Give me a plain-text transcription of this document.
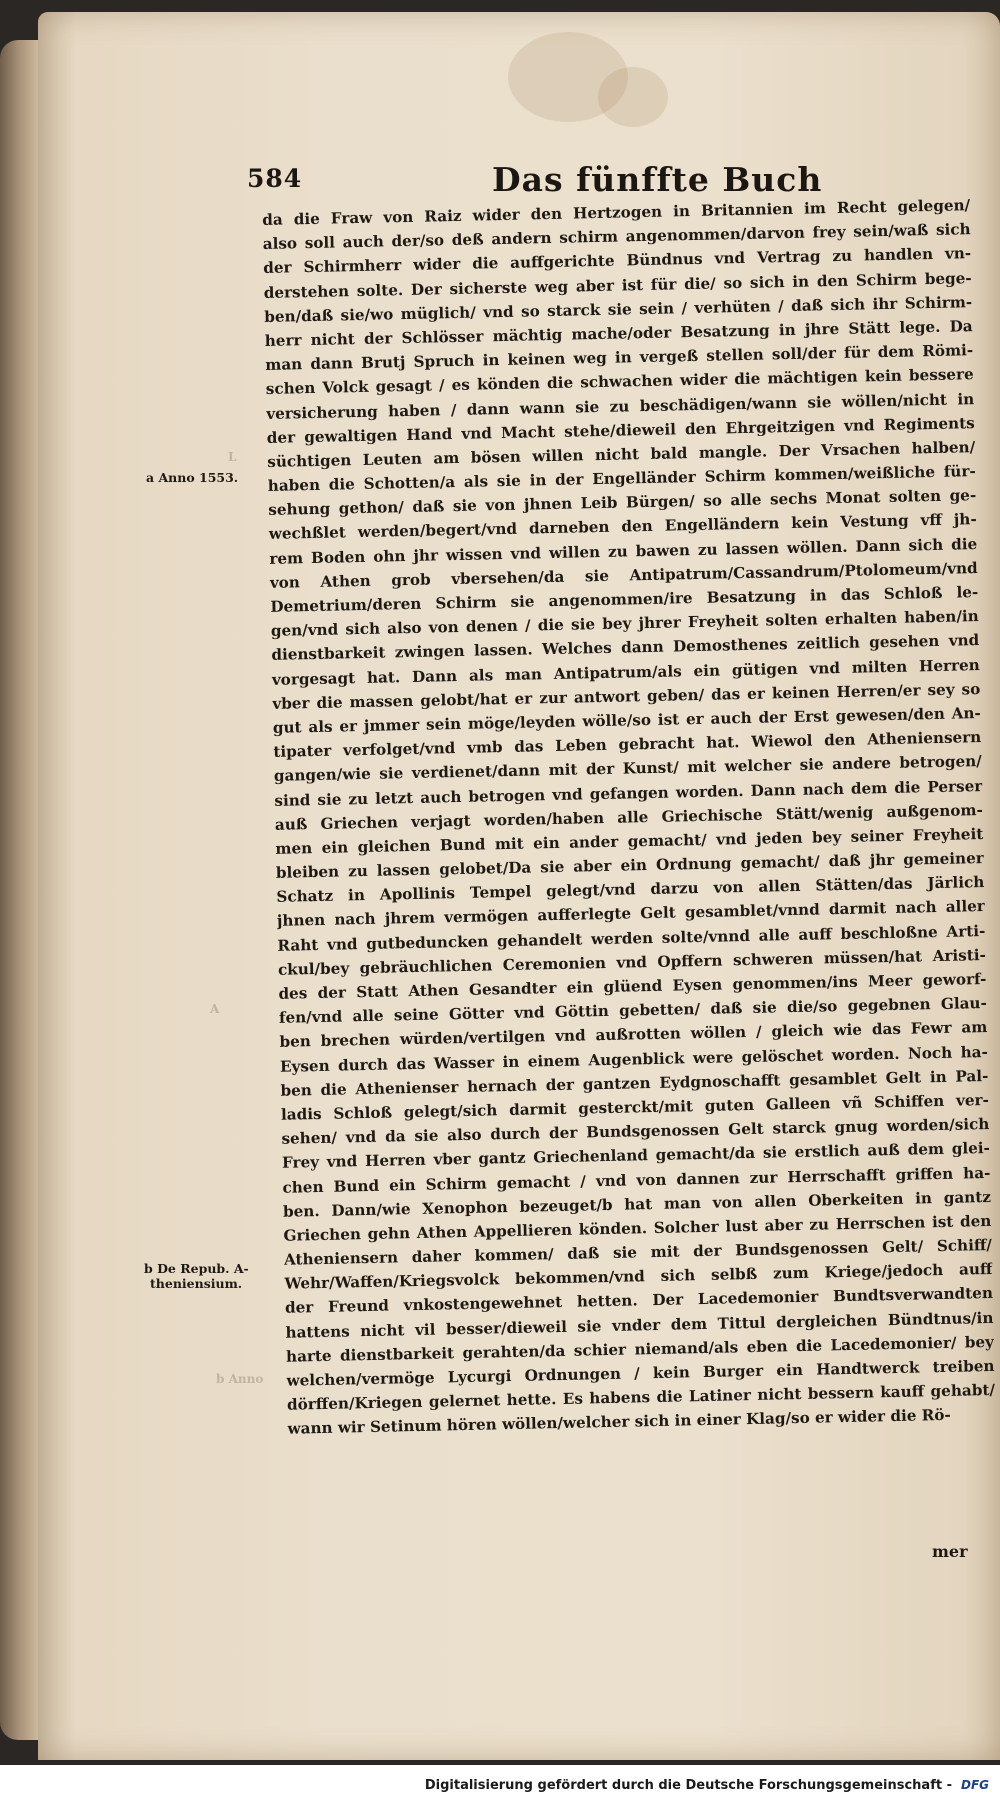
L
A
b Anno
584	Das fünffte Buch
a Anno 1553.
b De Repub. A-
theniensium.
da die Fraw von Raiz wider den Hertzogen in Britannien im Recht gelegen/
also soll auch der/so deß andern schirm angenommen/darvon frey sein/waß sich
der Schirmherr wider die auffgerichte Bündnus vnd Vertrag zu handlen vn-
derstehen solte. Der sicherste weg aber ist für die/ so sich in den Schirm bege-
ben/daß sie/wo müglich/ vnd so starck sie sein / verhüten / daß sich ihr Schirm-
herr nicht der Schlösser mächtig mache/oder Besatzung in jhre Stätt lege. Da
man dann Brutj Spruch in keinen weg in vergeß stellen soll/der für dem Römi-
schen Volck gesagt / es könden die schwachen wider die mächtigen kein bessere
versicherung haben / dann wann sie zu beschädigen/wann sie wöllen/nicht in
der gewaltigen Hand vnd Macht stehe/dieweil den Ehrgeitzigen vnd Regiments
süchtigen Leuten am bösen willen nicht bald mangle. Der Vrsachen halben/
haben die Schotten/a als sie in der Engelländer Schirm kommen/weißliche für-
sehung gethon/ daß sie von jhnen Leib Bürgen/ so alle sechs Monat solten ge-
wechßlet werden/begert/vnd darneben den Engelländern kein Vestung vff jh-
rem Boden ohn jhr wissen vnd willen zu bawen zu lassen wöllen. Dann sich die
von Athen grob vbersehen/da sie Antipatrum/Cassandrum/Ptolomeum/vnd
Demetrium/deren Schirm sie angenommen/ire Besatzung in das Schloß le-
gen/vnd sich also von denen / die sie bey jhrer Freyheit solten erhalten haben/in
dienstbarkeit zwingen lassen. Welches dann Demosthenes zeitlich gesehen vnd
vorgesagt hat. Dann als man Antipatrum/als ein gütigen vnd milten Herren
vber die massen gelobt/hat er zur antwort geben/ das er keinen Herren/er sey so
gut als er jmmer sein möge/leyden wölle/so ist er auch der Erst gewesen/den An-
tipater verfolget/vnd vmb das Leben gebracht hat. Wiewol den Atheniensern
gangen/wie sie verdienet/dann mit der Kunst/ mit welcher sie andere betrogen/
sind sie zu letzt auch betrogen vnd gefangen worden. Dann nach dem die Perser
auß Griechen verjagt worden/haben alle Griechische Stätt/wenig außgenom-
men ein gleichen Bund mit ein ander gemacht/ vnd jeden bey seiner Freyheit
bleiben zu lassen gelobet/Da sie aber ein Ordnung gemacht/ daß jhr gemeiner
Schatz in Apollinis Tempel gelegt/vnd darzu von allen Stätten/das Järlich
jhnen nach jhrem vermögen aufferlegte Gelt gesamblet/vnnd darmit nach aller
Raht vnd gutbeduncken gehandelt werden solte/vnnd alle auff beschloßne Arti-
ckul/bey gebräuchlichen Ceremonien vnd Opffern schweren müssen/hat Aristi-
des der Statt Athen Gesandter ein glüend Eysen genommen/ins Meer geworf-
fen/vnd alle seine Götter vnd Göttin gebetten/ daß sie die/so gegebnen Glau-
ben brechen würden/vertilgen vnd außrotten wöllen / gleich wie das Fewr am
Eysen durch das Wasser in einem Augenblick were gelöschet worden. Noch ha-
ben die Athenienser hernach der gantzen Eydgnoschafft gesamblet Gelt in Pal-
ladis Schloß gelegt/sich darmit gesterckt/mit guten Galleen vñ Schiffen ver-
sehen/ vnd da sie also durch der Bundsgenossen Gelt starck gnug worden/sich
Frey vnd Herren vber gantz Griechenland gemacht/da sie erstlich auß dem glei-
chen Bund ein Schirm gemacht / vnd von dannen zur Herrschafft griffen ha-
ben. Dann/wie Xenophon bezeuget/b hat man von allen Oberkeiten in gantz
Griechen gehn Athen Appellieren könden. Solcher lust aber zu Herrschen ist den
Atheniensern daher kommen/ daß sie mit der Bundsgenossen Gelt/ Schiff/
Wehr/Waffen/Kriegsvolck bekommen/vnd sich selbß zum Kriege/jedoch auff
der Freund vnkostengewehnet hetten. Der Lacedemonier Bundtsverwandten
hattens nicht vil besser/dieweil sie vnder dem Tittul dergleichen Bündtnus/in
harte dienstbarkeit gerahten/da schier niemand/als eben die Lacedemonier/ bey
welchen/vermöge Lycurgi Ordnungen / kein Burger ein Handtwerck treiben
dörffen/Kriegen gelernet hette. Es habens die Latiner nicht bessern kauff gehabt/
wann wir Setinum hören wöllen/welcher sich in einer Klag/so er wider die Rö-
mer
Digitalisierung gefördert durch die Deutsche Forschungsgemeinschaft - DFG
